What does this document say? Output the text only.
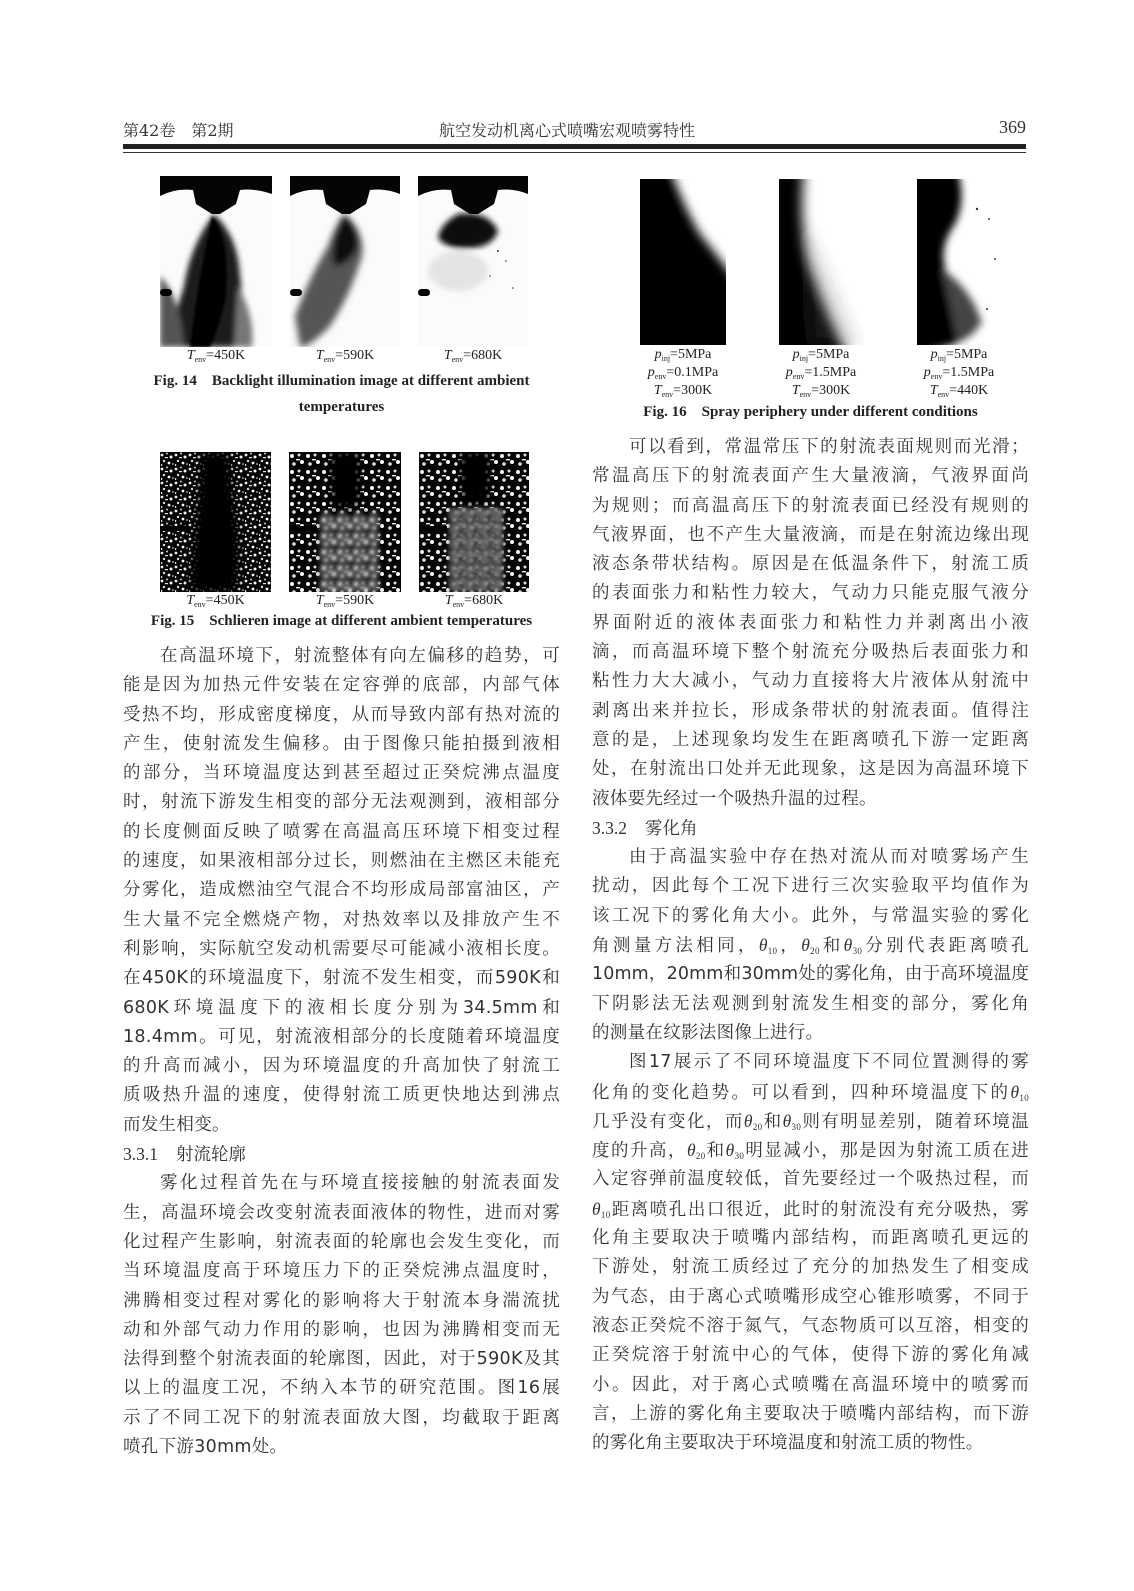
第42卷　第2期	航空发动机离心式喷嘴宏观喷雾特性	369
$T_{env}=450K$	$T_{env}=590K$	$T_{env}=680K$
Fig. 14　Backlight illumination image at different ambient
temperatures
$T_{env}=450K$	$T_{env}=590K$	$T_{env}=680K$
Fig. 15　Schlieren image at different ambient temperatures
$p_{inj}=5MPa$
$p_{env}=0.1MPa$
$T_{env}=300K$
$p_{inj}=5MPa$
$p_{env}=1.5MPa$
$T_{env}=300K$
$p_{inj}=5MPa$
$p_{env}=1.5MPa$
$T_{env}=440K$
Fig. 16　Spray periphery under different conditions
在高温环境下，射流整体有向左偏移的趋势，可
能是因为加热元件安装在定容弹的底部，内部气体
受热不均，形成密度梯度，从而导致内部有热对流的
产生，使射流发生偏移。由于图像只能拍摄到液相
的部分，当环境温度达到甚至超过正癸烷沸点温度
时，射流下游发生相变的部分无法观测到，液相部分
的长度侧面反映了喷雾在高温高压环境下相变过程
的速度，如果液相部分过长，则燃油在主燃区未能充
分雾化，造成燃油空气混合不均形成局部富油区，产
生大量不完全燃烧产物，对热效率以及排放产生不
利影响，实际航空发动机需要尽可能减小液相长度。
在450K的环境温度下，射流不发生相变，而590K和
680K环境温度下的液相长度分别为34.5mm和
18.4mm。可见，射流液相部分的长度随着环境温度
的升高而减小，因为环境温度的升高加快了射流工
质吸热升温的速度，使得射流工质更快地达到沸点
而发生相变。
3.3.1 射流轮廓
雾化过程首先在与环境直接接触的射流表面发
生，高温环境会改变射流表面液体的物性，进而对雾
化过程产生影响，射流表面的轮廓也会发生变化，而
当环境温度高于环境压力下的正癸烷沸点温度时，
沸腾相变过程对雾化的影响将大于射流本身湍流扰
动和外部气动力作用的影响，也因为沸腾相变而无
法得到整个射流表面的轮廓图，因此，对于590K及其
以上的温度工况，不纳入本节的研究范围。图16展
示了不同工况下的射流表面放大图，均截取于距离
喷孔下游30mm处。
可以看到，常温常压下的射流表面规则而光滑；
常温高压下的射流表面产生大量液滴，气液界面尚
为规则；而高温高压下的射流表面已经没有规则的
气液界面，也不产生大量液滴，而是在射流边缘出现
液态条带状结构。原因是在低温条件下，射流工质
的表面张力和粘性力较大，气动力只能克服气液分
界面附近的液体表面张力和粘性力并剥离出小液
滴，而高温环境下整个射流充分吸热后表面张力和
粘性力大大减小，气动力直接将大片液体从射流中
剥离出来并拉长，形成条带状的射流表面。值得注
意的是，上述现象均发生在距离喷孔下游一定距离
处，在射流出口处并无此现象，这是因为高温环境下
液体要先经过一个吸热升温的过程。
3.3.2 雾化角
由于高温实验中存在热对流从而对喷雾场产生
扰动，因此每个工况下进行三次实验取平均值作为
该工况下的雾化角大小。此外，与常温实验的雾化
角测量方法相同，$\theta_{10}$，$\theta_{20}$和$\theta_{30}$分别代表距离喷孔
10mm，20mm和30mm处的雾化角，由于高环境温度
下阴影法无法观测到射流发生相变的部分，雾化角
的测量在纹影法图像上进行。
图17展示了不同环境温度下不同位置测得的雾
化角的变化趋势。可以看到，四种环境温度下的$\theta_{10}$
几乎没有变化，而$\theta_{20}$和$\theta_{30}$则有明显差别，随着环境温
度的升高，$\theta_{20}$和$\theta_{30}$明显减小，那是因为射流工质在进
入定容弹前温度较低，首先要经过一个吸热过程，而
$\theta_{10}$距离喷孔出口很近，此时的射流没有充分吸热，雾
化角主要取决于喷嘴内部结构，而距离喷孔更远的
下游处，射流工质经过了充分的加热发生了相变成
为气态，由于离心式喷嘴形成空心锥形喷雾，不同于
液态正癸烷不溶于氮气，气态物质可以互溶，相变的
正癸烷溶于射流中心的气体，使得下游的雾化角减
小。因此，对于离心式喷嘴在高温环境中的喷雾而
言，上游的雾化角主要取决于喷嘴内部结构，而下游
的雾化角主要取决于环境温度和射流工质的物性。
